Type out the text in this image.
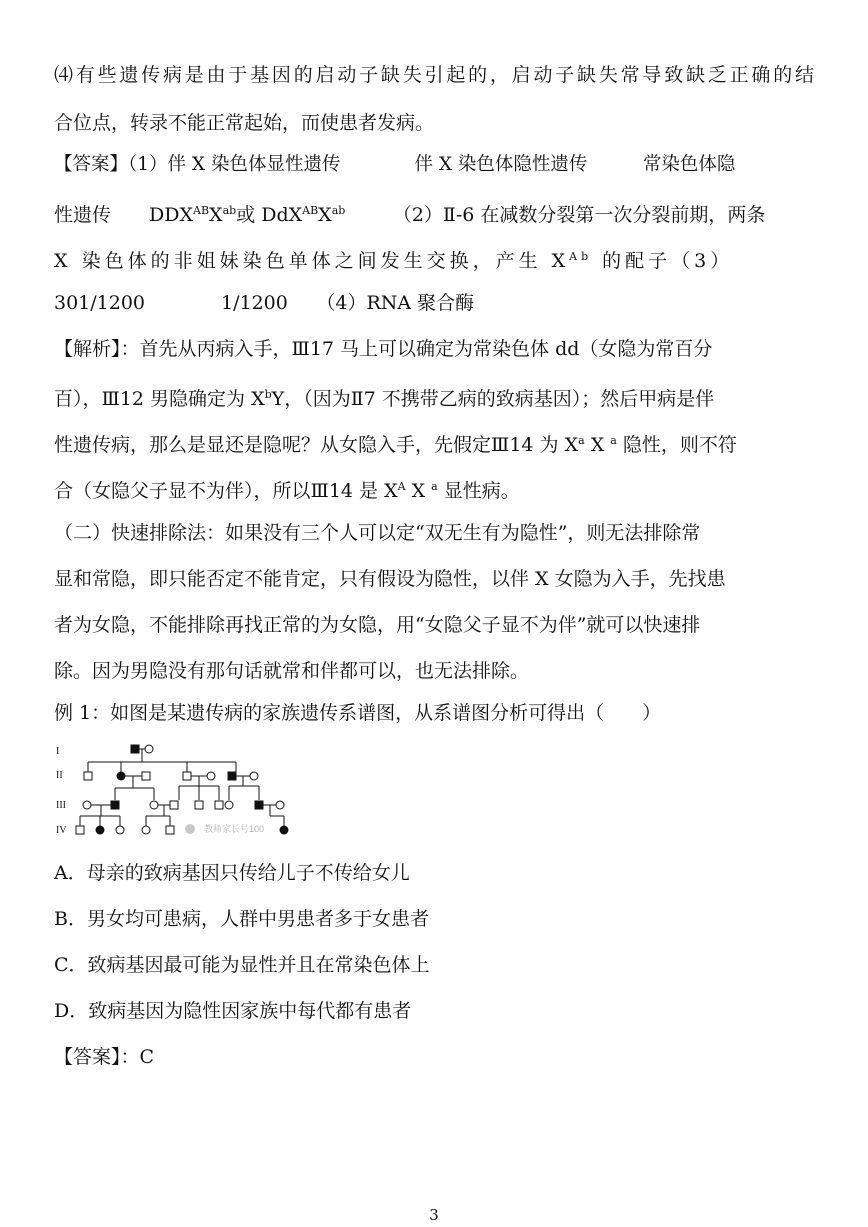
⑷有些遗传病是由于基因的启动子缺失引起的，启动子缺失常导致缺乏正确的结
合位点，转录不能正常起始，而使患者发病。
【答案】（1）伴 X 染色体显性遗传　　　　伴 X 染色体隐性遗传　　　常染色体隐
性遗传　　$DDX^{AB}X^{ab}$或 $DdX^{AB}X^{ab}$　　　（2）Ⅱ-6 在减数分裂第一次分裂前期，两条
X 染色体的非姐妹染色单体之间发生交换，产生 $X^{Ab}$ 的配子（3）
301/1200　　　　1/1200　　（4）RNA 聚合酶
【解析】：首先从丙病入手，Ⅲ17 马上可以确定为常染色体 dd（女隐为常百分
百），Ⅲ12 男隐确定为 $X^bY$，（因为Ⅱ7 不携带乙病的致病基因）；然后甲病是伴
性遗传病，那么是显还是隐呢？从女隐入手，先假定Ⅲ14 为 $X^a$ X $^a$ 隐性，则不符
合（女隐父子显不为伴），所以Ⅲ14 是 $X^A$ X $^a$ 显性病。
（二）快速排除法：如果没有三个人可以定“双无生有为隐性”，则无法排除常
显和常隐，即只能否定不能肯定，只有假设为隐性，以伴 X 女隐为入手，先找患
者为女隐，不能排除再找正常的为女隐，用“女隐父子显不为伴”就可以快速排
除。因为男隐没有那句话就常和伴都可以，也无法排除。
例 1：如图是某遗传病的家族遗传系谱图，从系谱图分析可得出（　　）
I
II
III
IV	教师家长号100
A．母亲的致病基因只传给儿子不传给女儿
B．男女均可患病，人群中男患者多于女患者
C．致病基因最可能为显性并且在常染色体上
D．致病基因为隐性因家族中每代都有患者
【答案】：C
3
